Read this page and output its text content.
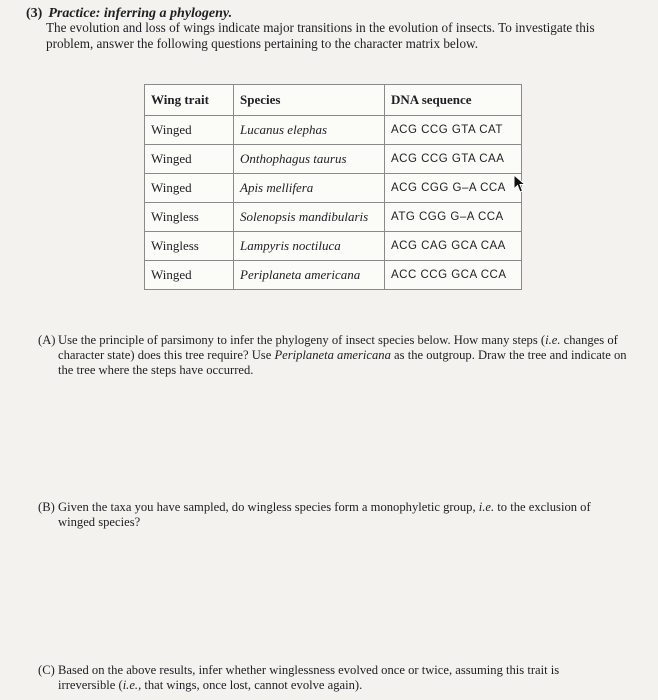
(3) Practice: inferring a phylogeny.
The evolution and loss of wings indicate major transitions in the evolution of insects. To investigate this problem, answer the following questions pertaining to the character matrix below.
Wing trait	Species	DNA sequence
Winged	Lucanus elephas	ACG CCG GTA CAT
Winged	Onthophagus taurus	ACG CCG GTA CAA
Winged	Apis mellifera	ACG CGG G–A CCA
Wingless	Solenopsis mandibularis	ATG CGG G–A CCA
Wingless	Lampyris noctiluca	ACG CAG GCA CAA
Winged	Periplaneta americana	ACC CCG GCA CCA
(A) Use the principle of parsimony to infer the phylogeny of insect species below. How many steps (i.e. changes of character state) does this tree require? Use Periplaneta americana as the outgroup. Draw the tree and indicate on the tree where the steps have occurred.
(B) Given the taxa you have sampled, do wingless species form a monophyletic group, i.e. to the exclusion of winged species?
(C) Based on the above results, infer whether winglessness evolved once or twice, assuming this trait is irreversible (i.e., that wings, once lost, cannot evolve again).
